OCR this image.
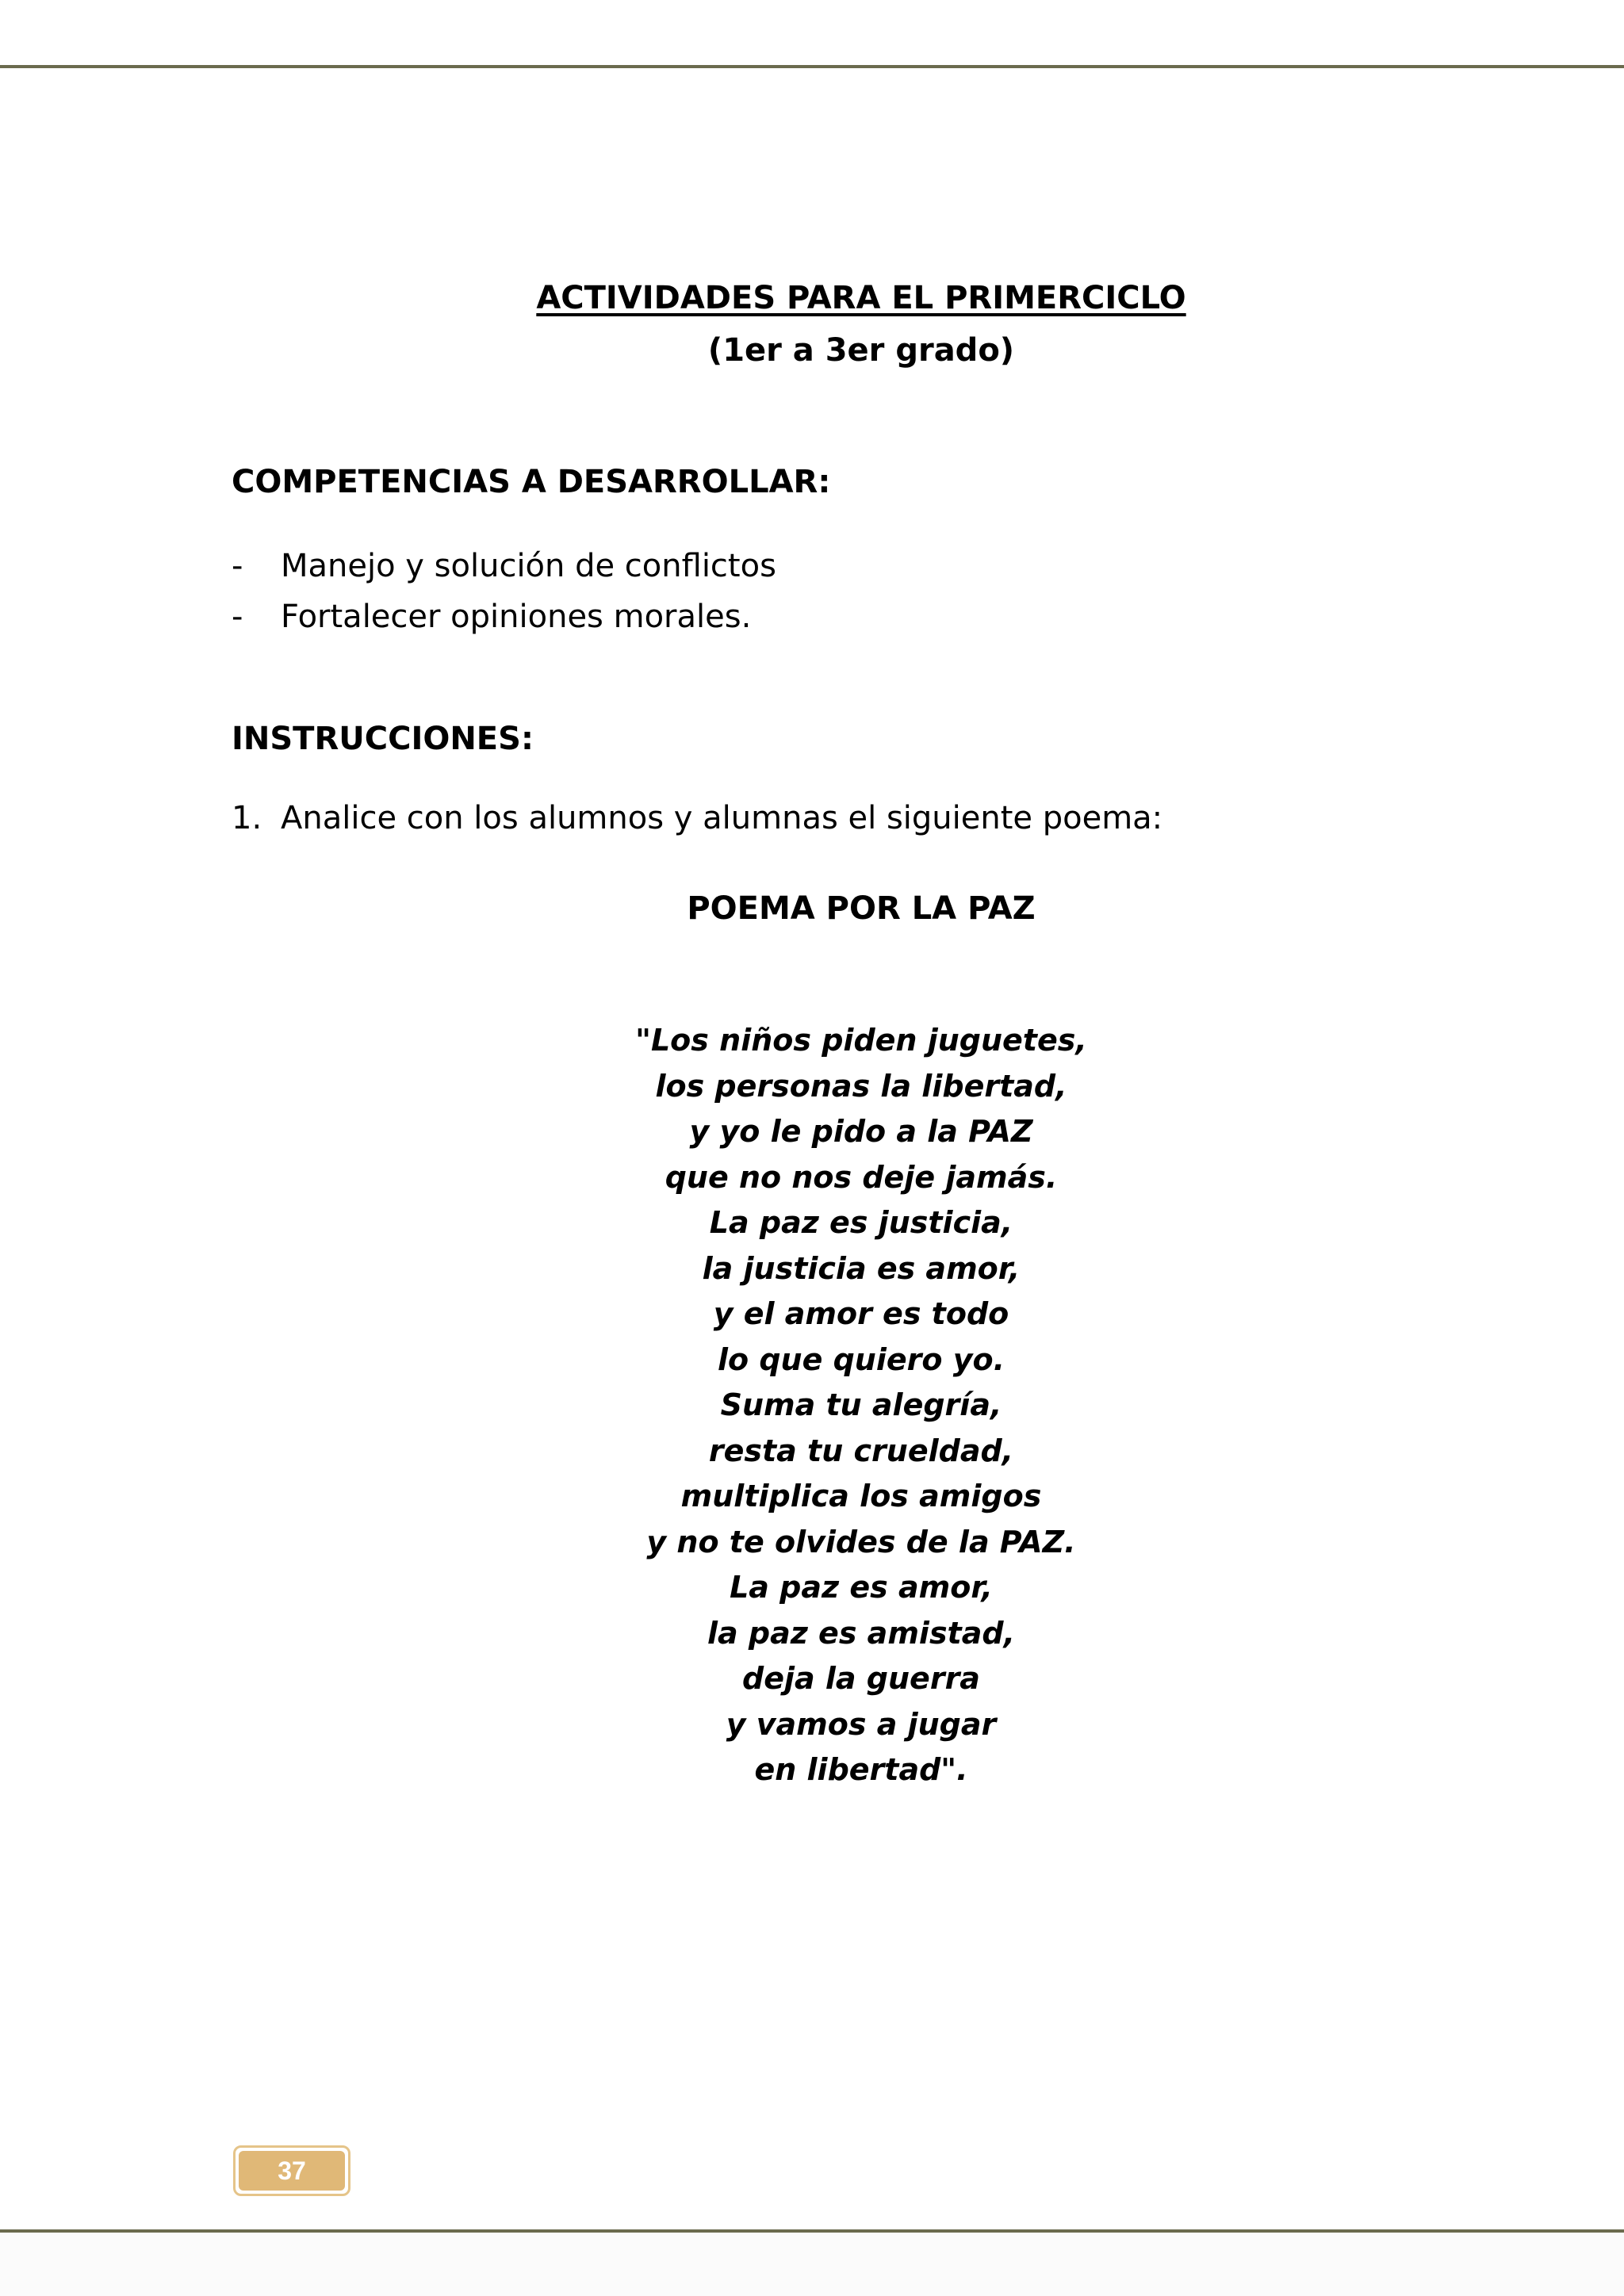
ACTIVIDADES PARA EL PRIMERCICLO
(1er a 3er grado)
COMPETENCIAS A DESARROLLAR:
-	Manejo y solución de conflictos
-	Fortalecer opiniones morales.
INSTRUCCIONES:
1. Analice con los alumnos y alumnas el siguiente poema:
POEMA POR LA PAZ
"Los niños piden juguetes,
los personas la libertad,
y yo le pido a la PAZ
que no nos deje jamás.
La paz es justicia,
la justicia es amor,
y el amor es todo
lo que quiero yo.
Suma tu alegría,
resta tu crueldad,
multiplica los amigos
y no te olvides de la PAZ.
La paz es amor,
la paz es amistad,
deja la guerra
y vamos a jugar
en libertad".
37
